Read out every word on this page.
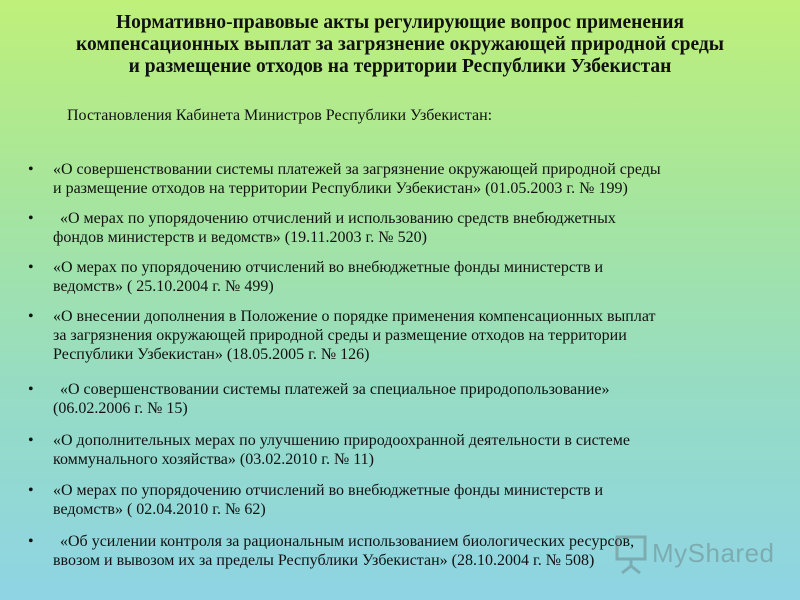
Нормативно-правовые акты регулирующие вопрос применения
компенсационных выплат за загрязнение окружающей природной среды
и размещение отходов на территории Республики Узбекистан
Постановления Кабинета Министров Республики Узбекистан:
• «О совершенствовании системы платежей за загрязнение окружающей природной среды
и размещение отходов на территории Республики Узбекистан» (01.05.2003 г. № 199)
•	«О мерах по упорядочению отчислений и использованию средств внебюджетных
фондов министерств и ведомств» (19.11.2003 г. № 520)
• «О мерах по упорядочению отчислений во внебюджетные фонды министерств и
ведомств» ( 25.10.2004 г. № 499)
• «О внесении дополнения в Положение о порядке применения компенсационных выплат
за загрязнения окружающей природной среды и размещение отходов на территории
Республики Узбекистан» (18.05.2005 г. № 126)
•	«О совершенствовании системы платежей за специальное природопользование»
(06.02.2006 г. № 15)
• «О дополнительных мерах по улучшению природоохранной деятельности в системе
коммунального хозяйства» (03.02.2010 г. № 11)
• «О мерах по упорядочению отчислений во внебюджетные фонды министерств и
ведомств» ( 02.04.2010 г. № 62)
•	«Об усилении контроля за рациональным использованием биологических ресурсов,
ввозом и вывозом их за пределы Республики Узбекистан» (28.10.2004 г. № 508)	MyShared
